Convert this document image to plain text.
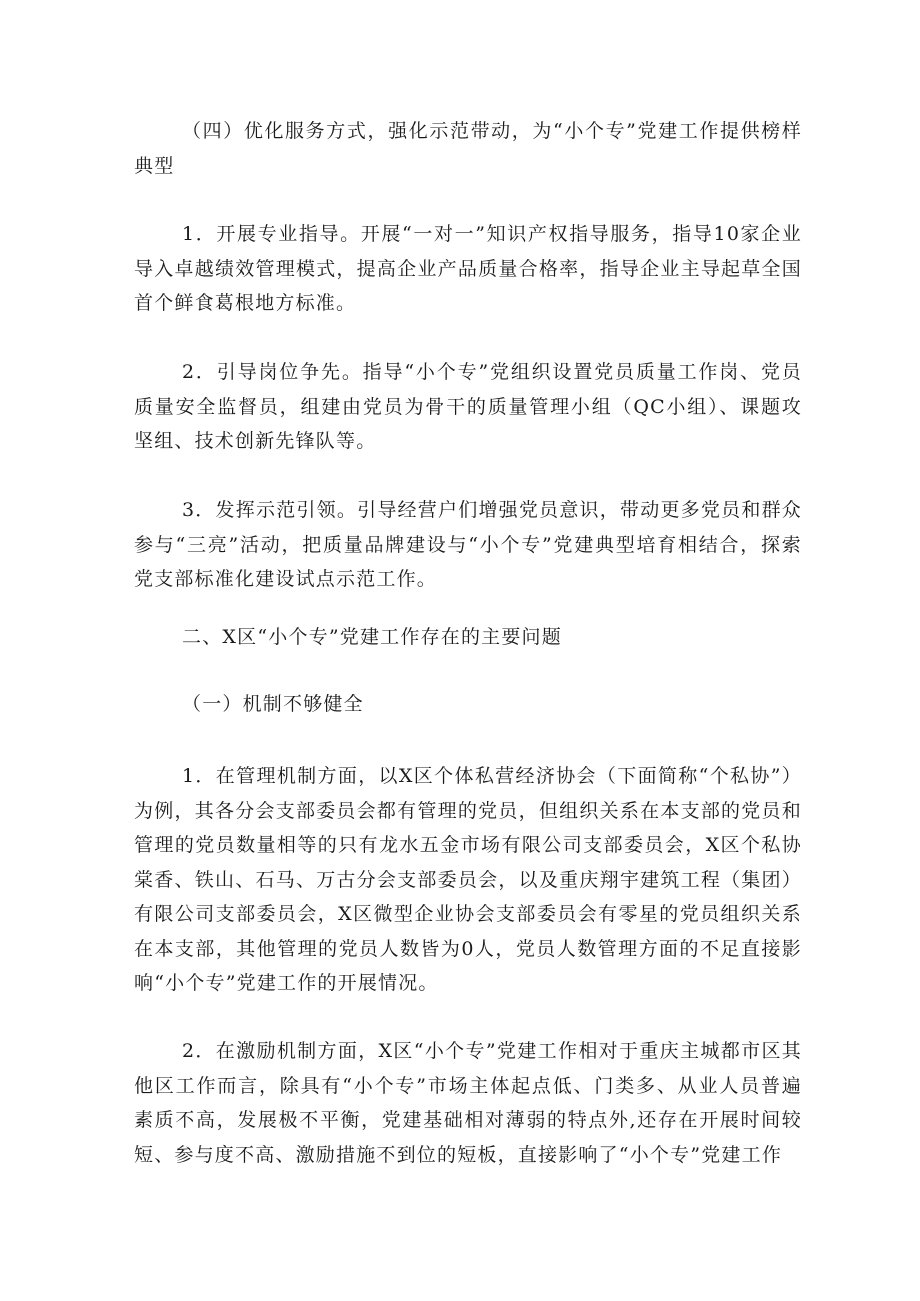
（四）优化服务方式，强化示范带动，为“小个专”党建工作提供榜样典型

1．开展专业指导。开展“一对一”知识产权指导服务，指导10家企业导入卓越绩效管理模式，提高企业产品质量合格率，指导企业主导起草全国首个鲜食葛根地方标准。

2．引导岗位争先。指导“小个专”党组织设置党员质量工作岗、党员质量安全监督员，组建由党员为骨干的质量管理小组（QC小组）、课题攻坚组、技术创新先锋队等。

3．发挥示范引领。引导经营户们增强党员意识，带动更多党员和群众参与“三亮”活动，把质量品牌建设与“小个专”党建典型培育相结合，探索党支部标准化建设试点示范工作。

二、X区“小个专”党建工作存在的主要问题

（一）机制不够健全

1．在管理机制方面，以X区个体私营经济协会（下面简称“个私协”）为例，其各分会支部委员会都有管理的党员，但组织关系在本支部的党员和管理的党员数量相等的只有龙水五金市场有限公司支部委员会，X区个私协棠香、铁山、石马、万古分会支部委员会，以及重庆翔宇建筑工程（集团）有限公司支部委员会，X区微型企业协会支部委员会有零星的党员组织关系在本支部，其他管理的党员人数皆为0人，党员人数管理方面的不足直接影响“小个专”党建工作的开展情况。

2．在激励机制方面，X区“小个专”党建工作相对于重庆主城都市区其他区工作而言，除具有“小个专”市场主体起点低、门类多、从业人员普遍素质不高，发展极不平衡，党建基础相对薄弱的特点外,还存在开展时间较短、参与度不高、激励措施不到位的短板，直接影响了“小个专”党建工作
